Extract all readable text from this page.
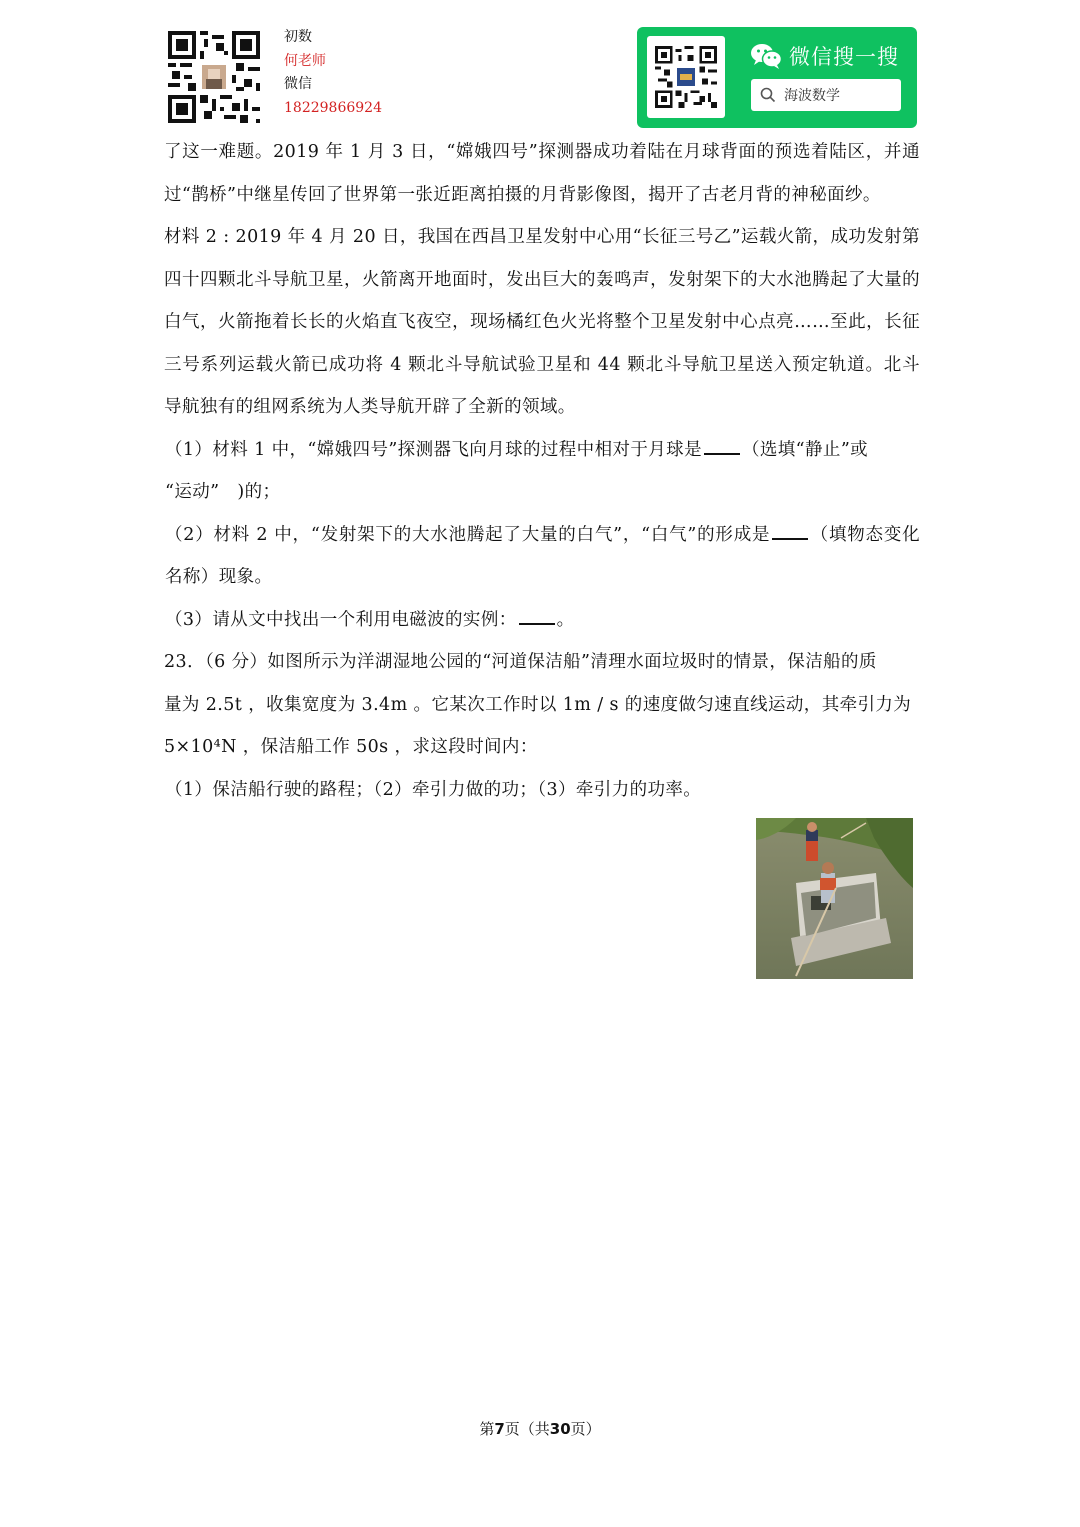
初数
何老师
微信
18229866924
微信搜一搜
海波数学

了这一难题。2019 年 1 月 3 日，“嫦娥四号”探测器成功着陆在月球背面的预选着陆区，并通过“鹊桥”中继星传回了世界第一张近距离拍摄的月背影像图，揭开了古老月背的神秘面纱。

材料 2 : 2019 年 4 月 20 日，我国在西昌卫星发射中心用“长征三号乙”运载火箭，成功发射第四十四颗北斗导航卫星，火箭离开地面时，发出巨大的轰鸣声，发射架下的大水池腾起了大量的白气，火箭拖着长长的火焰直飞夜空，现场橘红色火光将整个卫星发射中心点亮……至此，长征三号系列运载火箭已成功将 4 颗北斗导航试验卫星和 44 颗北斗导航卫星送入预定轨道。北斗导航独有的组网系统为人类导航开辟了全新的领域。

（1）材料 1 中，“嫦娥四号”探测器飞向月球的过程中相对于月球是 （选填“静止”或

“运动”　)的；

（2）材料 2 中，“发射架下的大水池腾起了大量的白气”，“白气”的形成是 （填物态变化名称）现象。

（3）请从文中找出一个利用电磁波的实例： 。

23．（6 分）如图所示为洋湖湿地公园的“河道保洁船”清理水面垃圾时的情景，保洁船的质

量为 2.5t ，收集宽度为 3.4m 。它某次工作时以 1m / s 的速度做匀速直线运动，其牵引力为

5×10⁴N ，保洁船工作 50s ，求这段时间内：

（1）保洁船行驶的路程；（2）牵引力做的功；（3）牵引力的功率。

第7页（共30页）
